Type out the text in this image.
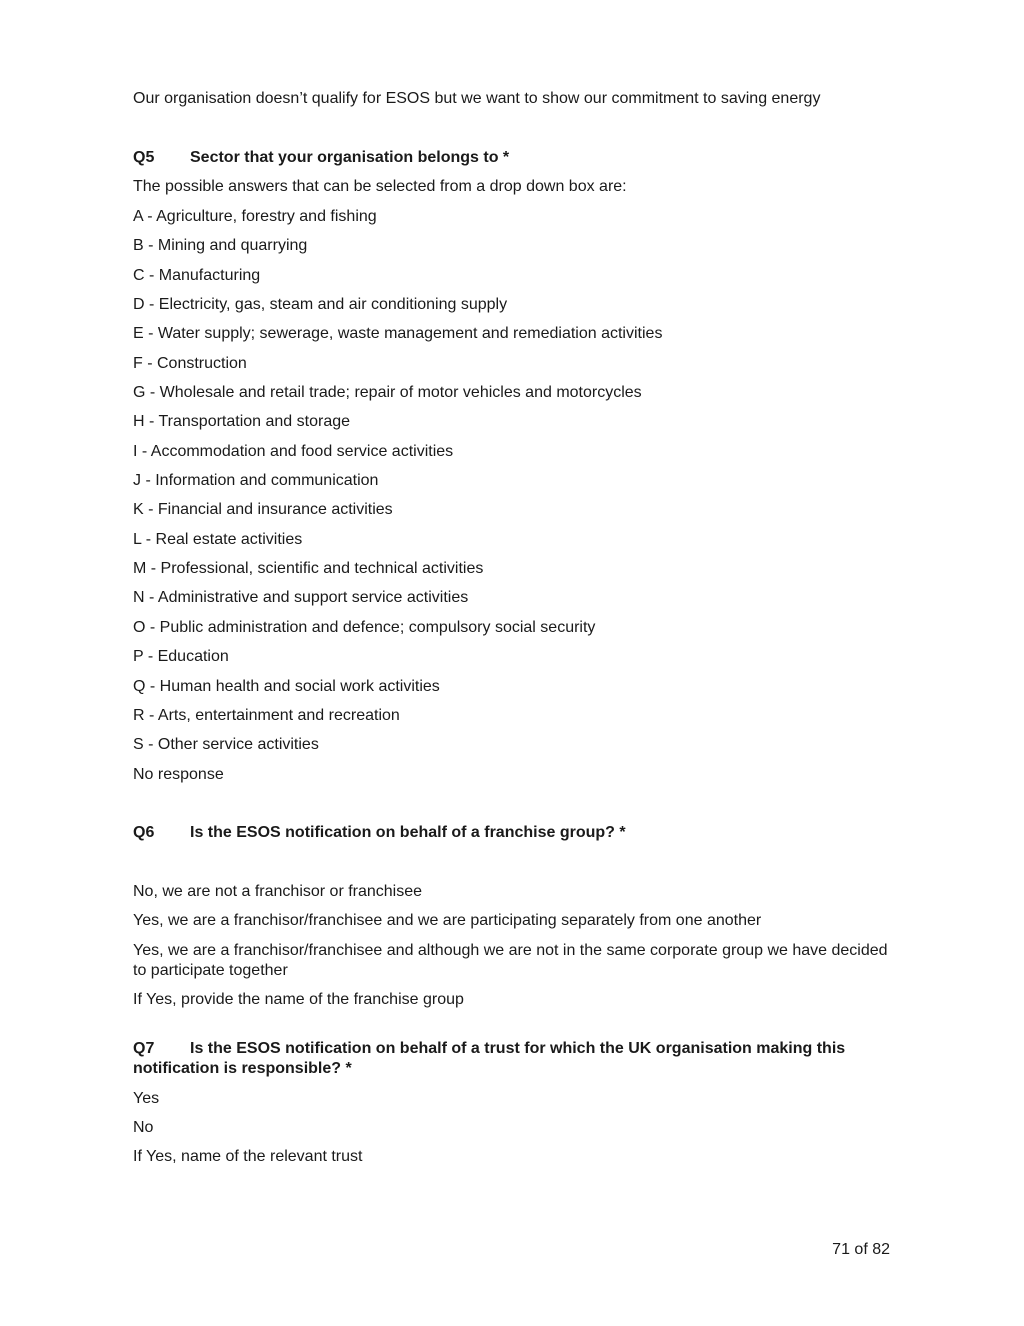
Our organisation doesn’t qualify for ESOS but we want to show our commitment to saving energy
Q5 Sector that your organisation belongs to *
The possible answers that can be selected from a drop down box are:
A - Agriculture, forestry and fishing
B - Mining and quarrying
C - Manufacturing
D - Electricity, gas, steam and air conditioning supply
E - Water supply; sewerage, waste management and remediation activities
F - Construction
G - Wholesale and retail trade; repair of motor vehicles and motorcycles
H - Transportation and storage
I - Accommodation and food service activities
J - Information and communication
K - Financial and insurance activities
L - Real estate activities
M - Professional, scientific and technical activities
N - Administrative and support service activities
O - Public administration and defence; compulsory social security
P - Education
Q - Human health and social work activities
R - Arts, entertainment and recreation
S - Other service activities
No response
Q6 Is the ESOS notification on behalf of a franchise group? *
No, we are not a franchisor or franchisee
Yes, we are a franchisor/franchisee and we are participating separately from one another
Yes, we are a franchisor/franchisee and although we are not in the same corporate group we have decided to participate together
If Yes, provide the name of the franchise group
Q7 Is the ESOS notification on behalf of a trust for which the UK organisation making this notification is responsible? *
Yes
No
If Yes, name of the relevant trust
71 of 82
